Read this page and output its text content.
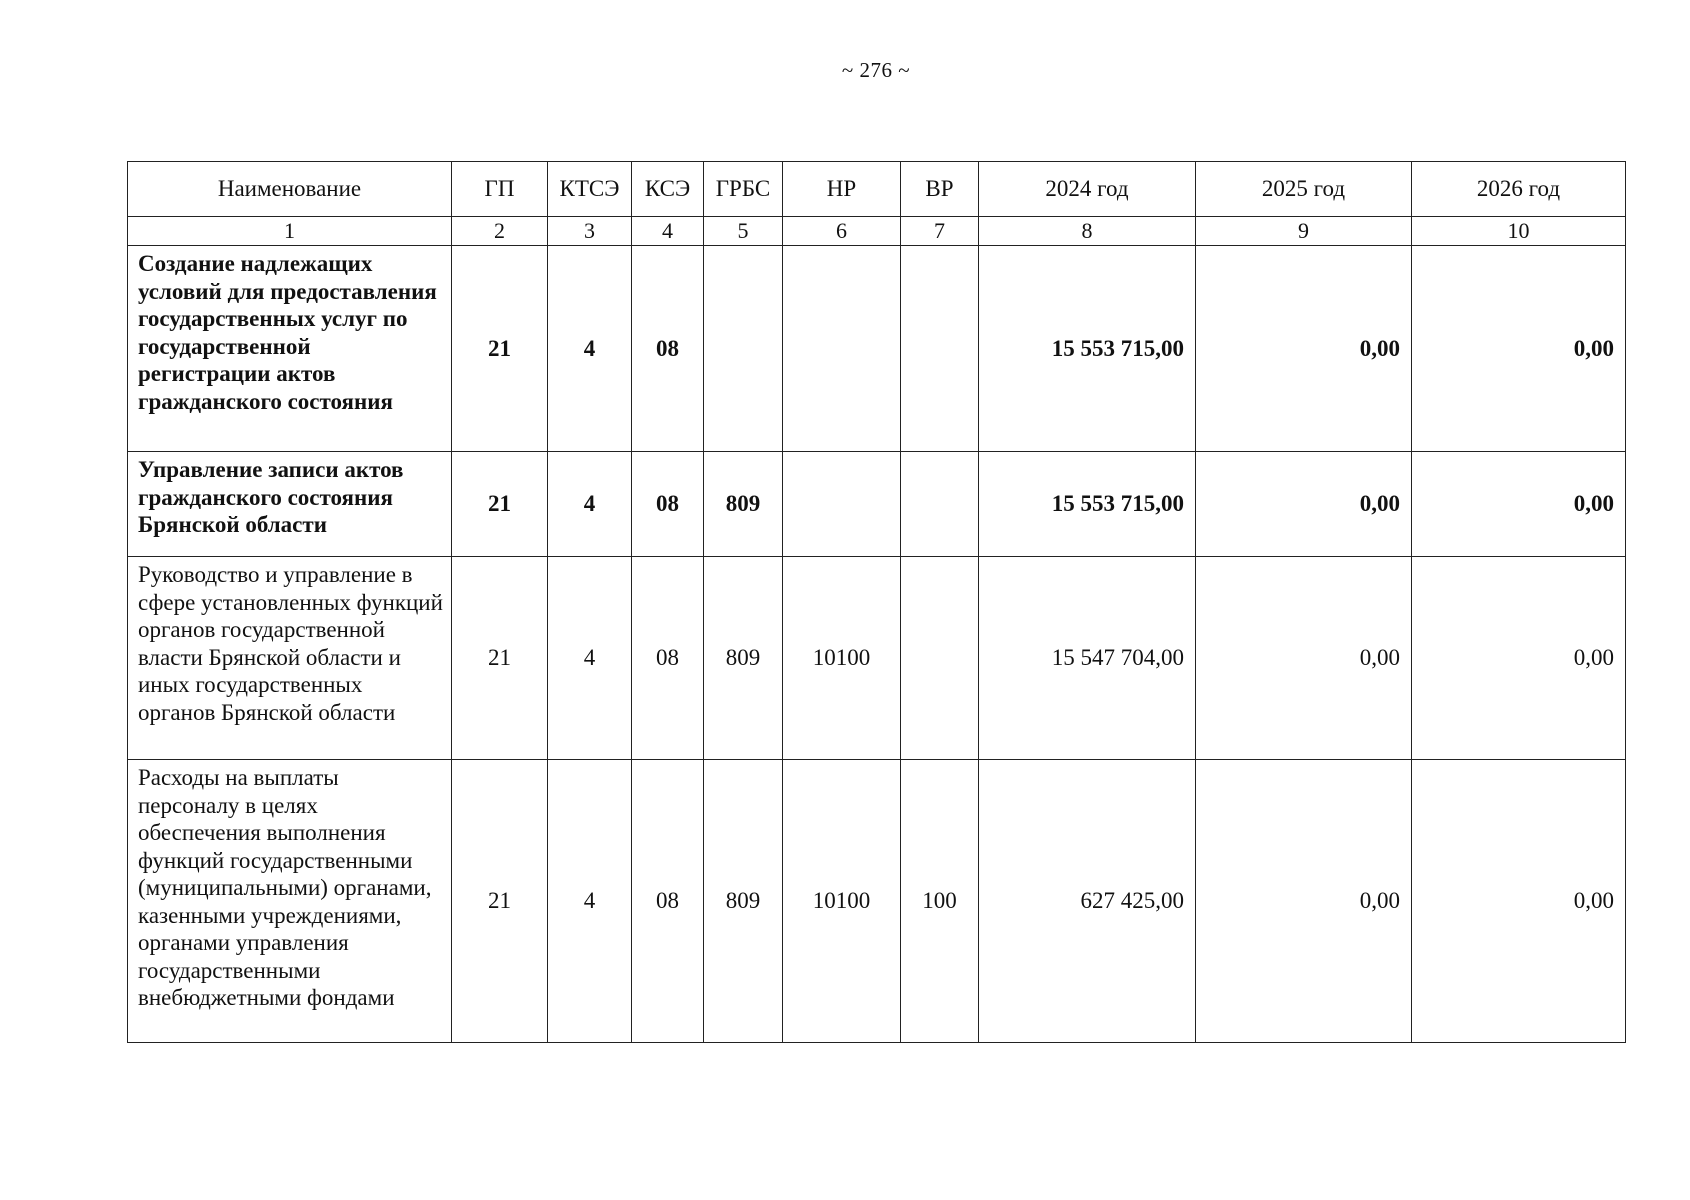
~ 276 ~
Наименование	ГП	КТСЭ	КСЭ	ГРБС	НР	ВР	2024 год	2025 год	2026 год
1	2	3	4	5	6	7	8	9	10
Создание надлежащих условий для предоставления государственных услуг по государственной регистрации актов гражданского состояния	21	4	08				15 553 715,00	0,00	0,00
Управление записи актов гражданского состояния Брянской области	21	4	08	809			15 553 715,00	0,00	0,00
Руководство и управление в сфере установленных функций органов государственной власти Брянской области и иных государственных органов Брянской области	21	4	08	809	10100		15 547 704,00	0,00	0,00
Расходы на выплаты персоналу в целях обеспечения выполнения функций государственными (муниципальными) органами, казенными учреждениями, органами управления государственными внебюджетными фондами	21	4	08	809	10100	100	627 425,00	0,00	0,00
